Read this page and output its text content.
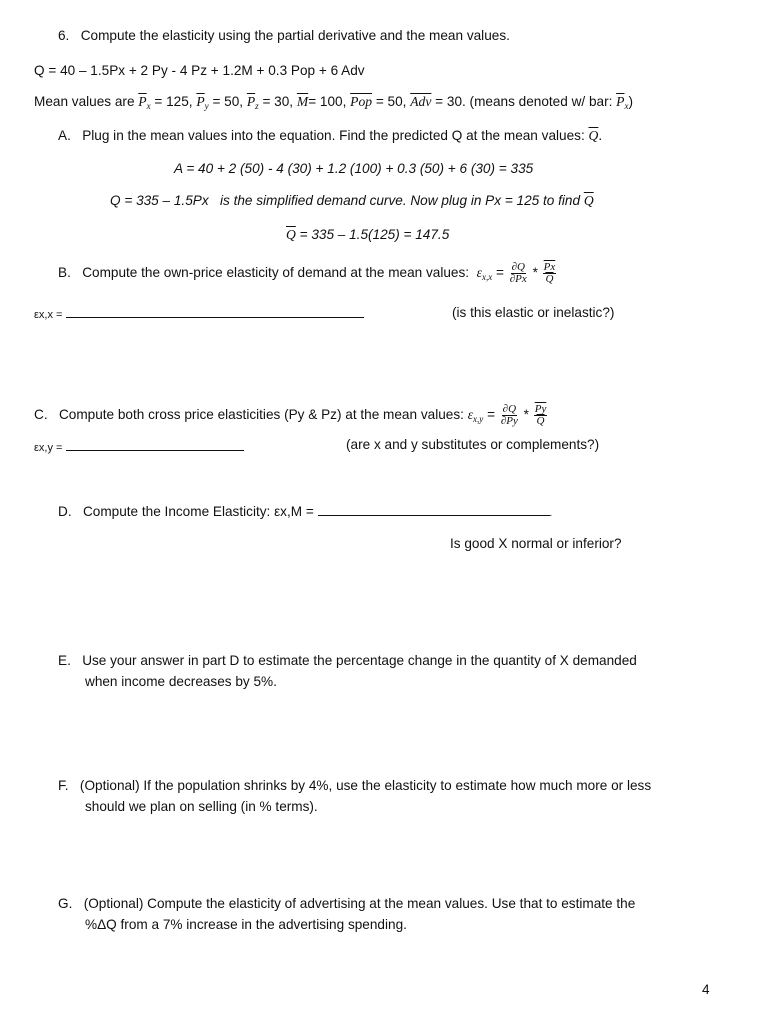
6. Compute the elasticity using the partial derivative and the mean values.
Q = 40 – 1.5Px + 2 Py - 4 Pz + 1.2M + 0.3 Pop + 6 Adv
Mean values are $\overline{P}_x = 125$, $\overline{P}_y = 50$, $\overline{P}_z = 30$, $\overline{M}= 100$, $\overline{Pop} = 50$, $\overline{Adv} = 30$. (means denoted w/ bar: $\overline{P}_x$)
A. Plug in the mean values into the equation. Find the predicted Q at the mean values: $\overline{Q}$.
A = 40 + 2 (50) - 4 (30) + 1.2 (100) + 0.3 (50) + 6 (30) = 335
Q = 335 – 1.5Px is the simplified demand curve. Now plug in Px = 125 to find $\overline{Q}$
$\overline{Q} = 335 - 1.5(125) = 147.5$
B. Compute the own-price elasticity of demand at the mean values: $\varepsilon_{x,x} = \frac{\partial Q}{\partial Px} * \frac{\overline{Px}}{Q}$
εx,x =	(is this elastic or inelastic?)
C. Compute both cross price elasticities (Py & Pz) at the mean values: $\varepsilon_{x,y} = \frac{\partial Q}{\partial Py} * \frac{\overline{Py}}{Q}$
εx,y =	(are x and y substitutes or complements?)
D. Compute the Income Elasticity: εx,M =	.
Is good X normal or inferior?
E. Use your answer in part D to estimate the percentage change in the quantity of X demanded
when income decreases by 5%.
F. (Optional) If the population shrinks by 4%, use the elasticity to estimate how much more or less
should we plan on selling (in % terms).
G. (Optional) Compute the elasticity of advertising at the mean values. Use that to estimate the
%ΔQ from a 7% increase in the advertising spending.
4
